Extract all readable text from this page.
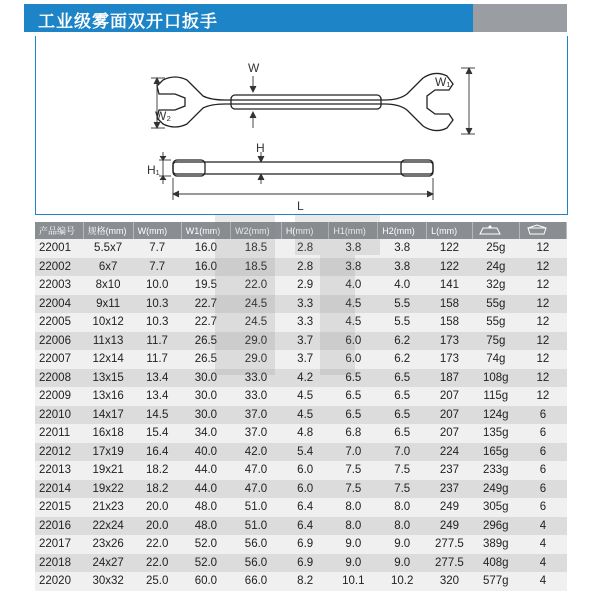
工业级雾面双开口扳手
W
W₁
W₂
H
H₁
L
产品编号	规格(mm)	W(mm)	W1(mm)	W2(mm)	H(mm)	H1(mm)	H2(mm)	L(mm)		
22001	5.5x7	7.7	16.0	18.5	2.8	3.8	3.8	122	25g	12
22002	6x7	7.7	16.0	18.5	2.8	3.8	3.8	122	24g	12
22003	8x10	10.0	19.5	22.0	2.9	4.0	4.0	141	32g	12
22004	9x11	10.3	22.7	24.5	3.3	4.5	5.5	158	55g	12
22005	10x12	10.3	22.7	24.5	3.3	4.5	5.5	158	55g	12
22006	11x13	11.7	26.5	29.0	3.7	6.0	6.2	173	75g	12
22007	12x14	11.7	26.5	29.0	3.7	6.0	6.2	173	74g	12
22008	13x15	13.4	30.0	33.0	4.2	6.5	6.5	187	108g	12
22009	13x16	13.4	30.0	33.0	4.5	6.5	6.5	207	115g	12
22010	14x17	14.5	30.0	37.0	4.5	6.5	6.5	207	124g	6
22011	16x18	15.4	34.0	37.0	4.8	6.8	6.5	207	135g	6
22012	17x19	16.4	40.0	42.0	5.4	7.0	7.0	224	165g	6
22013	19x21	18.2	44.0	47.0	6.0	7.5	7.5	237	233g	6
22014	19x22	18.2	44.0	47.0	6.0	7.5	7.5	237	249g	6
22015	21x23	20.0	48.0	51.0	6.4	8.0	8.0	249	305g	6
22016	22x24	20.0	48.0	51.0	6.4	8.0	8.0	249	296g	4
22017	23x26	22.0	52.0	56.0	6.9	9.0	9.0	277.5	389g	4
22018	24x27	22.0	52.0	56.0	6.9	9.0	9.0	277.5	408g	4
22020	30x32	25.0	60.0	66.0	8.2	10.1	10.2	320	577g	4
